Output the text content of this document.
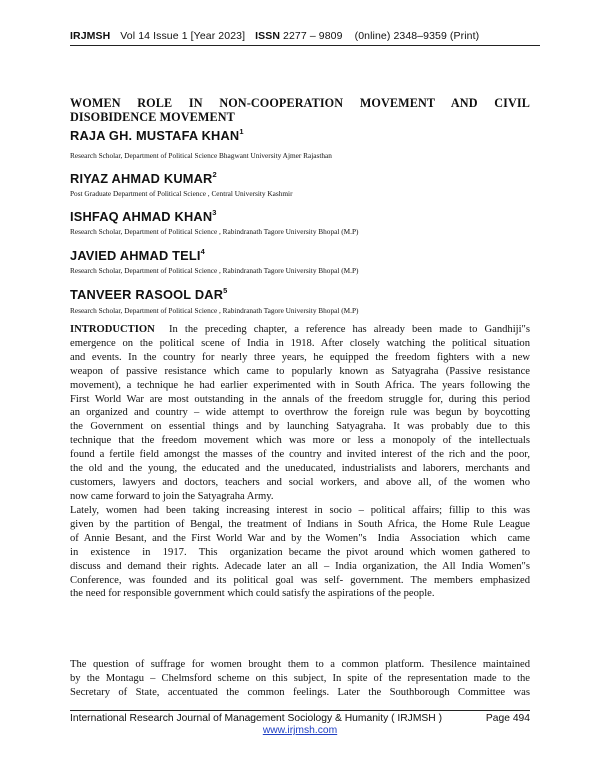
IRJMSH Vol 14 Issue 1 [Year 2023] ISSN 2277 – 9809    (0nline) 2348–9359 (Print)
WOMEN ROLE IN NON-COOPERATION MOVEMENT AND CIVIL
DISOBIDENCE MOVEMENT
RAJA GH. MUSTAFA KHAN$^1$
Research Scholar, Department of Political Science Bhagwant University Ajmer Rajasthan
RIYAZ AHMAD KUMAR$^2$
Post Graduate Department of Political Science , Central University Kashmir
ISHFAQ AHMAD KHAN$^3$
Research Scholar, Department of Political Science , Rabindranath Tagore University Bhopal (M.P)
JAVIED AHMAD TELI$^4$
Research Scholar, Department of Political Science , Rabindranath Tagore University Bhopal (M.P)
TANVEER RASOOL DAR$^5$
Research Scholar, Department of Political Science , Rabindranath Tagore University Bhopal (M.P)
INTRODUCTION In the preceding chapter, a reference has already been made to Gandhiji"s
emergence on the political scene of India in 1918. After closely watching the political situation
and events. In the country for nearly three years, he equipped the freedom fighters with a new
weapon of passive resistance which came to popularly known as Satyagraha (Passive resistance
movement), a technique he had earlier experimented with in South Africa. The years following the
First World War are most outstanding in the annals of the freedom struggle for, during this period
an organized and country – wide attempt to overthrow the foreign rule was begun by boycotting
the Government on essential things and by launching Satyagraha. It was probably due to this
technique that the freedom movement which was more or less a monopoly of the intellectuals
found a fertile field amongst the masses of the country and invited interest of the rich and the poor,
the old and the young, the educated and the uneducated, industrialists and laborers, merchants and
customers, lawyers and doctors, teachers and social workers, and above all, of the women who
now came forward to join the Satyagraha Army.
Lately, women had been taking increasing interest in socio – political affairs; fillip to this was
given by the partition of Bengal, the treatment of Indians in South Africa, the Home Rule League
of Annie Besant, and the First World War and by the Women"s  India  Association  which  came
in  existence  in  1917.  This  organization became the pivot around which women gathered to
discuss and demand their rights. Adecade later an all – India organization, the All India Women"s
Conference, was founded and its political goal was self- government. The members emphasized
the need for responsible government which could satisfy the aspirations of the people.
The question of suffrage for women brought them to a common platform. Thesilence maintained
by the Montagu – Chelmsford scheme on this subject, In spite of the representation made to the
Secretary of State, accentuated the common feelings. Later the Southborough Committee was
International Research Journal of Management Sociology & Humanity ( IRJMSH )	Page 494
www.irjmsh.com
